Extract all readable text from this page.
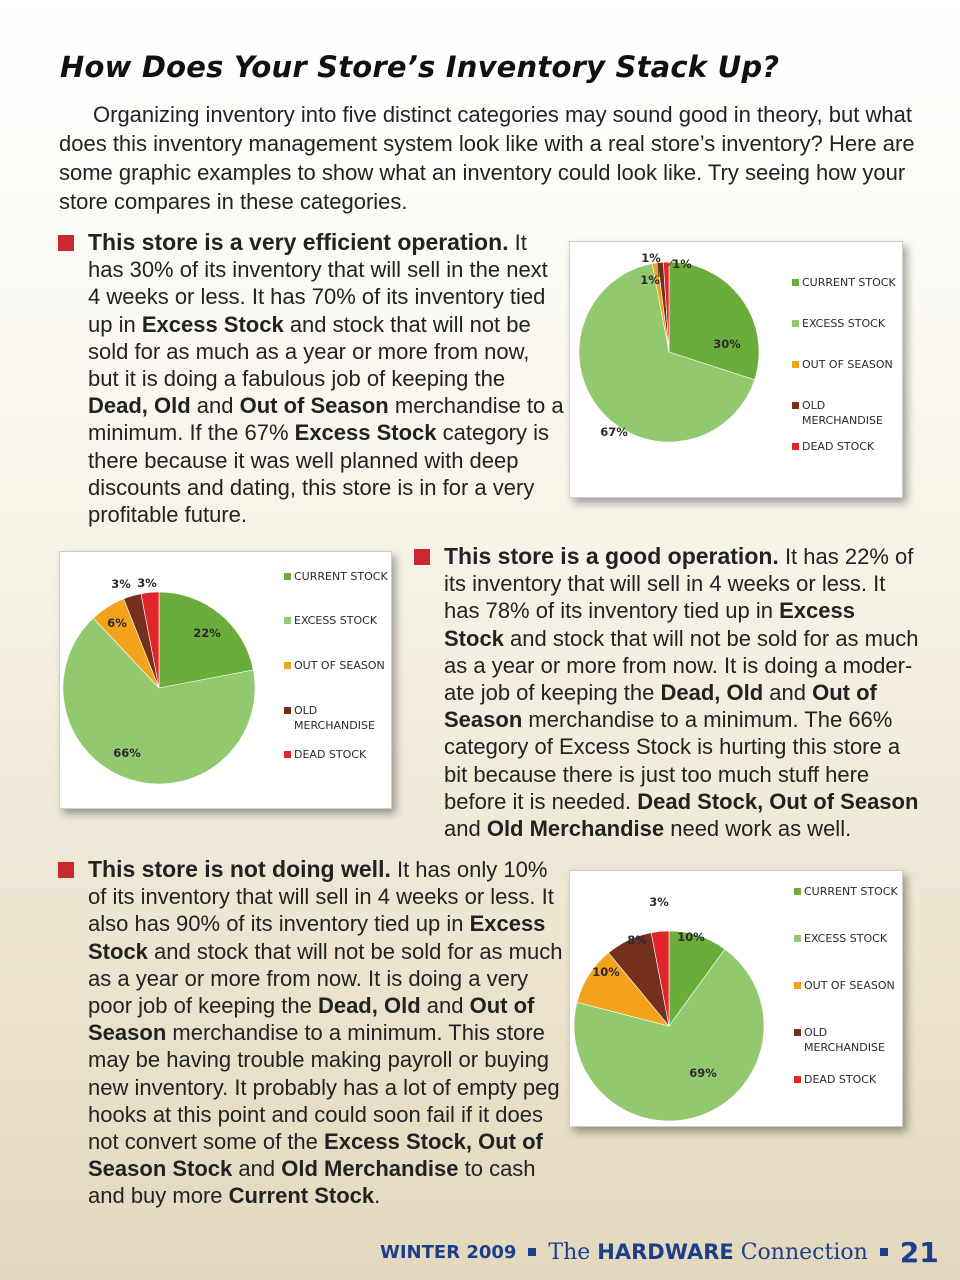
How Does Your Store’s Inventory Stack Up?

Organizing inventory into five distinct categories may sound good in theory, but what does this inventory management system look like with a real store’s inventory? Here are some graphic examples to show what an inventory could look like. Try seeing how your store compares in these categories.

This store is a very efficient operation. It has 30% of its inventory that will sell in the next 4 weeks or less. It has 70% of its inventory tied up in Excess Stock and stock that will not be sold for as much as a year or more from now, but it is doing a fabulous job of keeping the Dead, Old and Out of Season merchandise to a minimum. If the 67% Excess Stock category is there because it was well planned with deep discounts and dating, this store is in for a very profitable future.
30%
67%
1%
1%
1%
CURRENT STOCK
EXCESS STOCK
OUT OF SEASON
OLD
MERCHANDISE
DEAD STOCK
22%
66%
6%
3% 3%	CURRENT STOCK
EXCESS STOCK
OUT OF SEASON
OLD
MERCHANDISE
DEAD STOCK
This store is a good operation. It has 22% of its inventory that will sell in 4 weeks or less. It has 78% of its inventory tied up in Excess Stock and stock that will not be sold for as much as a year or more from now. It is doing a moder-ate job of keeping the Dead, Old and Out of Season merchandise to a minimum. The 66% category of Excess Stock is hurting this store a bit because there is just too much stuff here before it is needed. Dead Stock, Out of Season and Old Merchandise need work as well.
This store is not doing well. It has only 10% of its inventory that will sell in 4 weeks or less. It also has 90% of its inventory tied up in Excess Stock and stock that will not be sold for as much as a year or more from now. It is doing a very poor job of keeping the Dead, Old and Out of Season merchandise to a minimum. This store may be having trouble making payroll or buying new inventory. It probably has a lot of empty peg hooks at this point and could soon fail if it does not convert some of the Excess Stock, Out of Season Stock and Old Merchandise to cash and buy more Current Stock.
10%
69%
10%
8%
3%
CURRENT STOCK
EXCESS STOCK
OUT OF SEASON
OLD
MERCHANDISE
DEAD STOCK
WINTER 2009 The HARDWARE Connection 21
